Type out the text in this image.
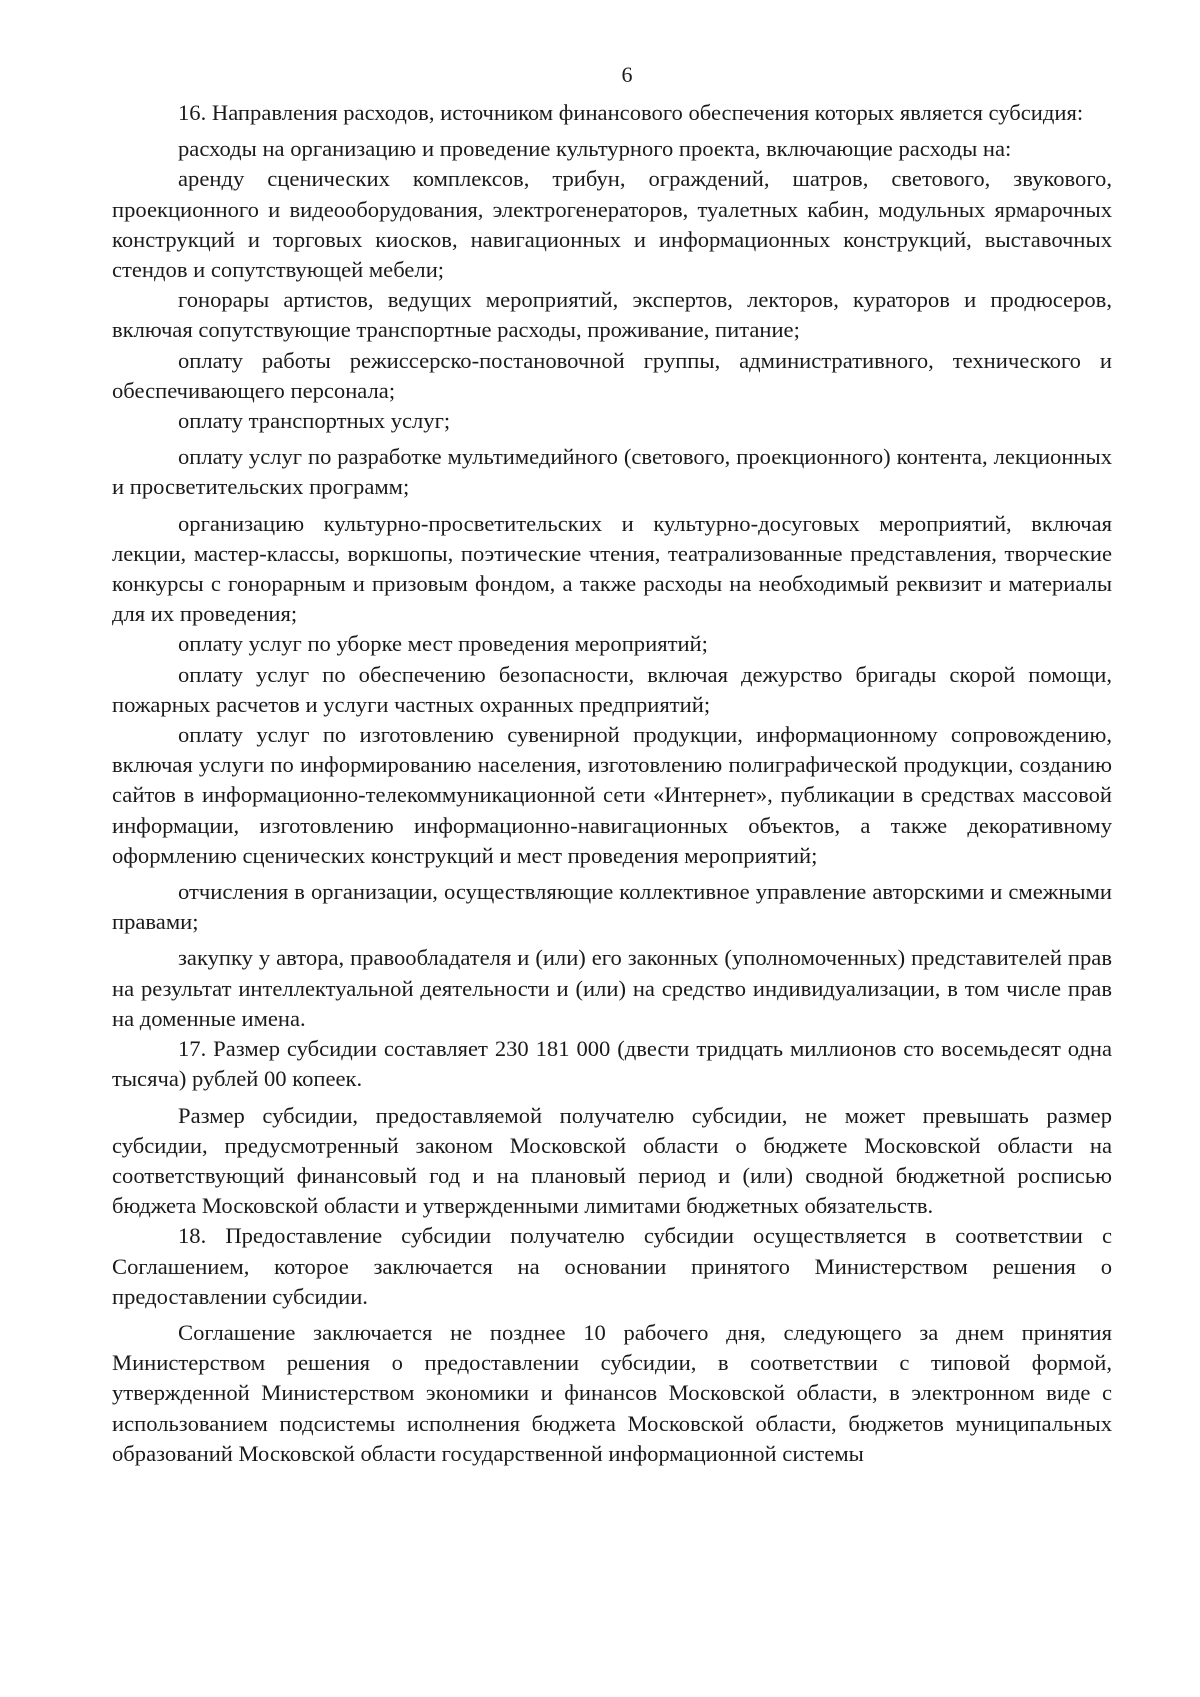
6

16. Направления расходов, источником финансового обеспечения которых является субсидия:

расходы на организацию и проведение культурного проекта, включающие расходы на:

аренду сценических комплексов, трибун, ограждений, шатров, светового, звукового, проекционного и видеооборудования, электрогенераторов, туалетных кабин, модульных ярмарочных конструкций и торговых киосков, навигационных и информационных конструкций, выставочных стендов и сопутствующей мебели;

гонорары артистов, ведущих мероприятий, экспертов, лекторов, кураторов и продюсеров, включая сопутствующие транспортные расходы, проживание, питание;

оплату работы режиссерско-постановочной группы, административного, технического и обеспечивающего персонала;

оплату транспортных услуг;

оплату услуг по разработке мультимедийного (светового, проекционного) контента, лекционных и просветительских программ;

организацию культурно-просветительских и культурно-досуговых мероприятий, включая лекции, мастер-классы, воркшопы, поэтические чтения, театрализованные представления, творческие конкурсы с гонорарным и призовым фондом, а также расходы на необходимый реквизит и материалы для их проведения;

оплату услуг по уборке мест проведения мероприятий;

оплату услуг по обеспечению безопасности, включая дежурство бригады скорой помощи, пожарных расчетов и услуги частных охранных предприятий;

оплату услуг по изготовлению сувенирной продукции, информационному сопровождению, включая услуги по информированию населения, изготовлению полиграфической продукции, созданию сайтов в информационно-телекоммуникационной сети «Интернет», публикации в средствах массовой информации, изготовлению информационно-навигационных объектов, а также декоративному оформлению сценических конструкций и мест проведения мероприятий;

отчисления в организации, осуществляющие коллективное управление авторскими и смежными правами;

закупку у автора, правообладателя и (или) его законных (уполномоченных) представителей прав на результат интеллектуальной деятельности и (или) на средство индивидуализации, в том числе прав на доменные имена.

17. Размер субсидии составляет 230 181 000 (двести тридцать миллионов сто восемьдесят одна тысяча) рублей 00 копеек.

Размер субсидии, предоставляемой получателю субсидии, не может превышать размер субсидии, предусмотренный законом Московской области о бюджете Московской области на соответствующий финансовый год и на плановый период и (или) сводной бюджетной росписью бюджета Московской области и утвержденными лимитами бюджетных обязательств.

18. Предоставление субсидии получателю субсидии осуществляется в соответствии с Соглашением, которое заключается на основании принятого Министерством решения о предоставлении субсидии.

Соглашение заключается не позднее 10 рабочего дня, следующего за днем принятия Министерством решения о предоставлении субсидии, в соответствии с типовой формой, утвержденной Министерством экономики и финансов Московской области, в электронном виде с использованием подсистемы исполнения бюджета Московской области, бюджетов муниципальных образований Московской области государственной информационной системы
